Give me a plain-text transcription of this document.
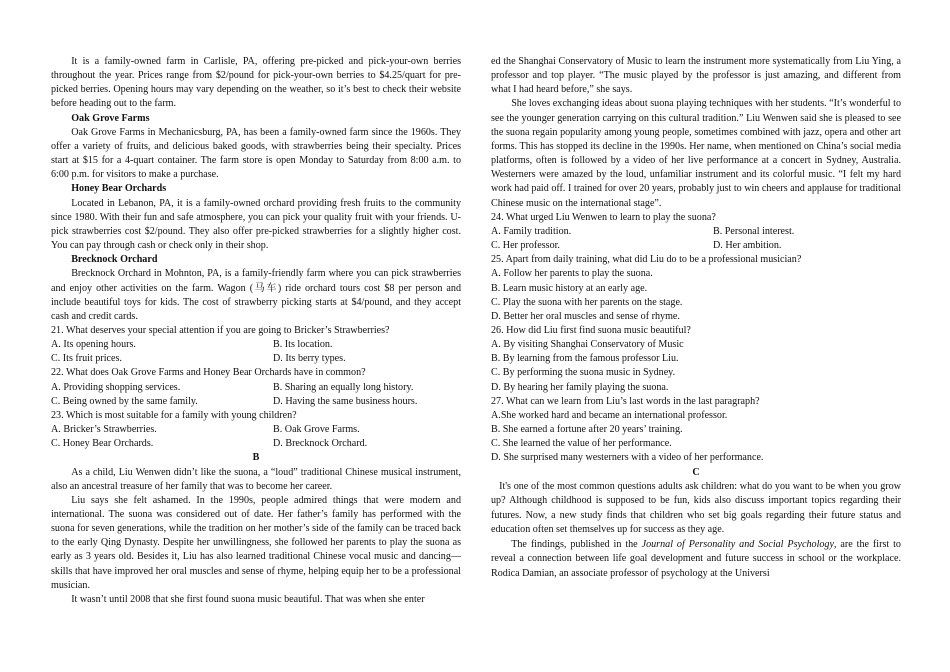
It is a family-owned farm in Carlisle, PA, offering pre-picked and pick-your-own berries throughout the year. Prices range from $2/pound for pick-your-own berries to $4.25/quart for pre-picked berries. Opening hours may vary depending on the weather, so it’s best to check their website before heading out to the farm.

Oak Grove Farms

Oak Grove Farms in Mechanicsburg, PA, has been a family-owned farm since the 1960s. They offer a variety of fruits, and delicious baked goods, with strawberries being their specialty. Prices start at $15 for a 4-quart container. The farm store is open Monday to Saturday from 8:00 a.m. to 6:00 p.m. for visitors to make a purchase.

Honey Bear Orchards

Located in Lebanon, PA, it is a family-owned orchard providing fresh fruits to the community since 1980. With their fun and safe atmosphere, you can pick your quality fruit with your friends. U-pick strawberries cost $2/pound. They also offer pre-picked strawberries for a slightly higher cost. You can pay through cash or check only in their shop.

Brecknock Orchard

Brecknock Orchard in Mohnton, PA, is a family-friendly farm where you can pick strawberries and enjoy other activities on the farm. Wagon (马车) ride orchard tours cost $8 per person and include beautiful toys for kids. The cost of strawberry picking starts at $4/pound, and they accept cash and credit cards.

21. What deserves your special attention if you are going to Bricker’s Strawberries?

A. Its opening hours.	B. Its location.
C. Its fruit prices.	D. Its berry types.

22. What does Oak Grove Farms and Honey Bear Orchards have in common?

A. Providing shopping services.	B. Sharing an equally long history.
C. Being owned by the same family.	D. Having the same business hours.

23. Which is most suitable for a family with young children?

A. Bricker’s Strawberries.	B. Oak Grove Farms.
C. Honey Bear Orchards.	D. Brecknock Orchard.

B

As a child, Liu Wenwen didn’t like the suona, a “loud” traditional Chinese musical instrument, also an ancestral treasure of her family that was to become her career.

Liu says she felt ashamed. In the 1990s, people admired things that were modern and international. The suona was considered out of date. Her father’s family has performed with the suona for seven generations, while the tradition on her mother’s side of the family can be traced back to the early Qing Dynasty. Despite her unwillingness, she followed her parents to play the suona as early as 3 years old. Besides it, Liu has also learned traditional Chinese vocal music and dancing—skills that have improved her oral muscles and sense of rhyme, helping equip her to be a professional musician.

It wasn’t until 2008 that she first found suona music beautiful. That was when she enter

ed the Shanghai Conservatory of Music to learn the instrument more systematically from Liu Ying, a professor and top player. “The music played by the professor is just amazing, and different from what I had heard before,” she says.

She loves exchanging ideas about suona playing techniques with her students. “It’s wonderful to see the younger generation carrying on this cultural tradition.” Liu Wenwen said she is pleased to see the suona regain popularity among young people, sometimes combined with jazz, opera and other art forms. This has stopped its decline in the 1990s. Her name, when mentioned on China’s social media platforms, often is followed by a video of her live performance at a concert in Sydney, Australia. Westerners were amazed by the loud, unfamiliar instrument and its colorful music. “I felt my hard work had paid off. I trained for over 20 years, probably just to win cheers and applause for traditional Chinese music on the international stage”.

24. What urged Liu Wenwen to learn to play the suona?

A. Family tradition.	B. Personal interest.
C. Her professor.	D. Her ambition.

25. Apart from daily training, what did Liu do to be a professional musician?

A. Follow her parents to play the suona.

B. Learn music history at an early age.

C. Play the suona with her parents on the stage.

D. Better her oral muscles and sense of rhyme.

26. How did Liu first find suona music beautiful?

A. By visiting Shanghai Conservatory of Music

B. By learning from the famous professor Liu.

C. By performing the suona music in Sydney.

D. By hearing her family playing the suona.

27. What can we learn from Liu’s last words in the last paragraph?

A.She worked hard and became an international professor.

B. She earned a fortune after 20 years’ training.

C. She learned the value of her performance.

D. She surprised many westerners with a video of her performance.

C

It's one of the most common questions adults ask children: what do you want to be when you grow up? Although childhood is supposed to be fun, kids also discuss important topics regarding their futures. Now, a new study finds that children who set big goals regarding their future status and education often set themselves up for success as they age.

The findings, published in the Journal of Personality and Social Psychology, are the first to reveal a connection between life goal development and future success in school or the workplace. Rodica Damian, an associate professor of psychology at the Universi
